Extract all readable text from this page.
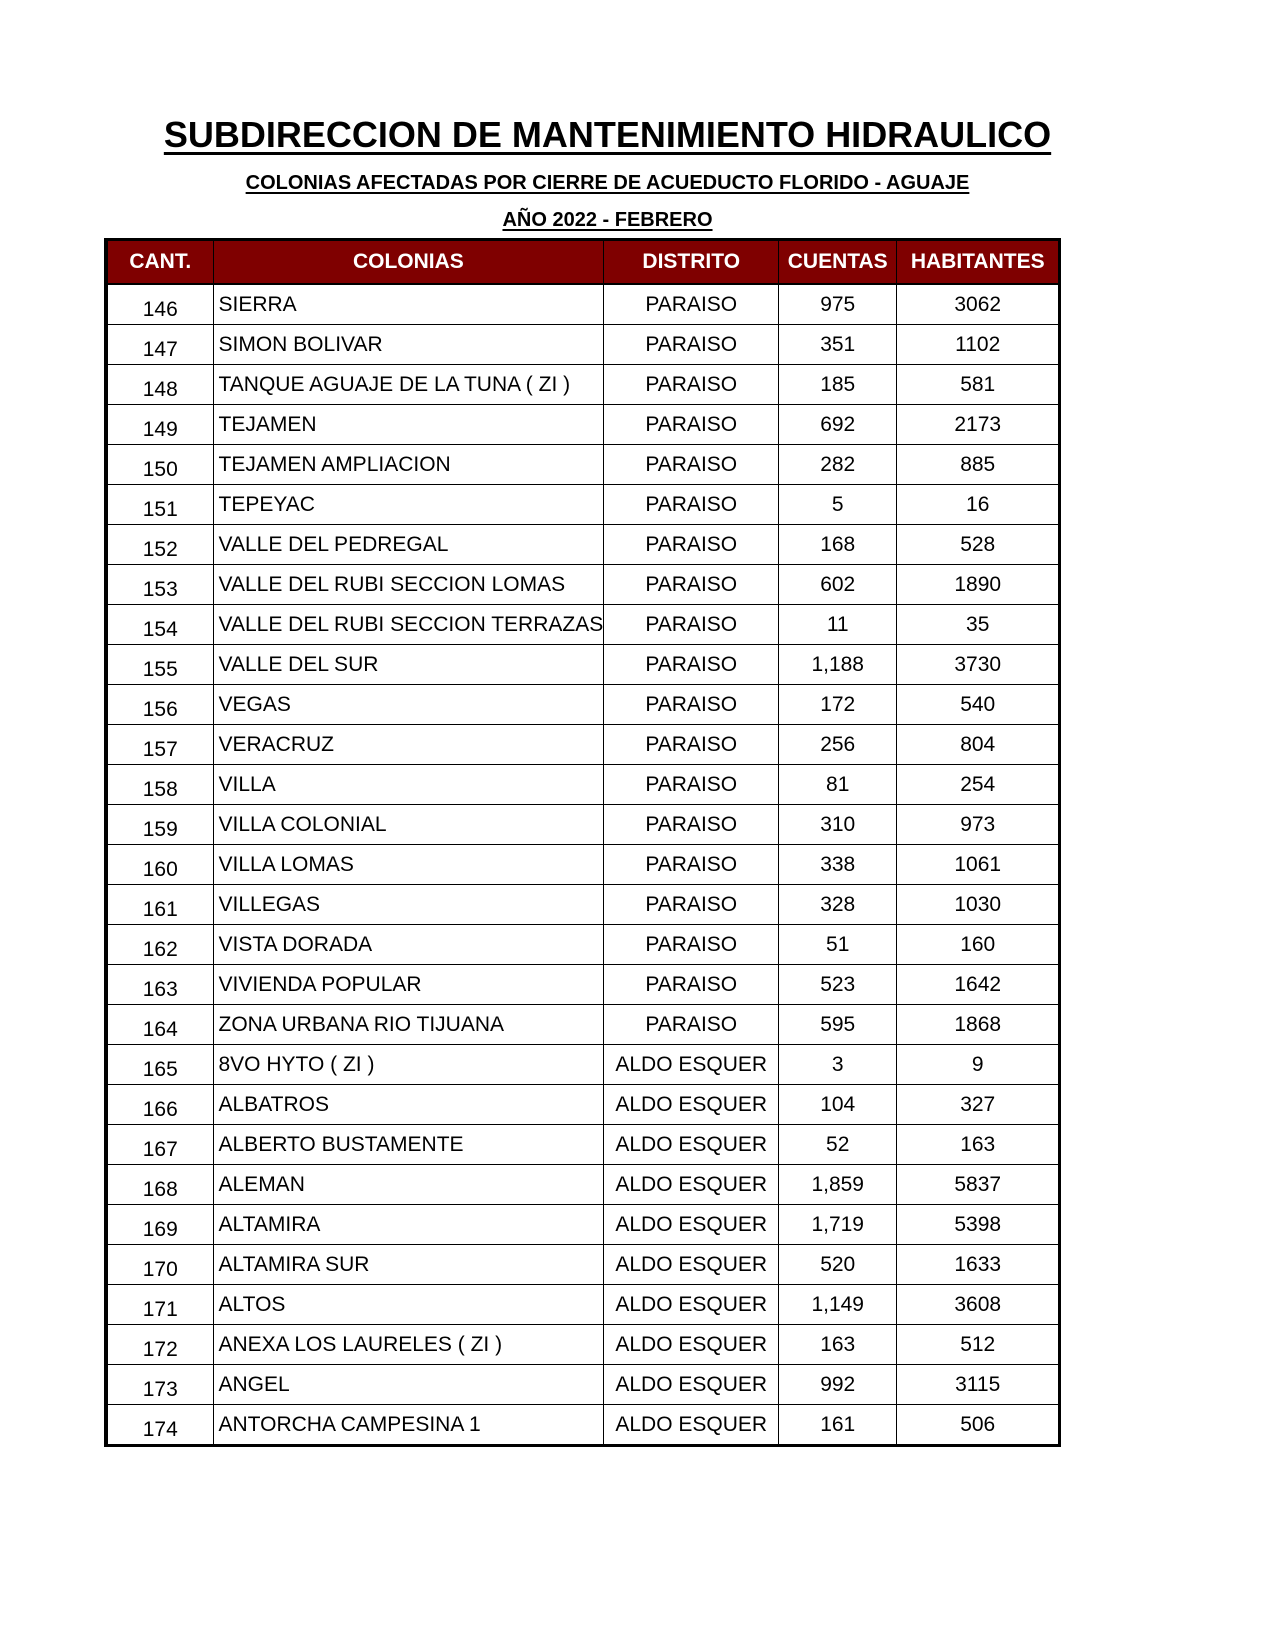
SUBDIRECCION DE MANTENIMIENTO HIDRAULICO
COLONIAS AFECTADAS POR CIERRE DE ACUEDUCTO FLORIDO - AGUAJE
AÑO 2022 - FEBRERO
CANT.	COLONIAS	DISTRITO	CUENTAS	HABITANTES
146	SIERRA	PARAISO	975	3062
147	SIMON BOLIVAR	PARAISO	351	1102
148	TANQUE AGUAJE DE LA TUNA ( ZI )	PARAISO	185	581
149	TEJAMEN	PARAISO	692	2173
150	TEJAMEN AMPLIACION	PARAISO	282	885
151	TEPEYAC	PARAISO	5	16
152	VALLE DEL PEDREGAL	PARAISO	168	528
153	VALLE DEL RUBI SECCION LOMAS	PARAISO	602	1890
154	VALLE DEL RUBI SECCION TERRAZAS	PARAISO	11	35
155	VALLE DEL SUR	PARAISO	1,188	3730
156	VEGAS	PARAISO	172	540
157	VERACRUZ	PARAISO	256	804
158	VILLA	PARAISO	81	254
159	VILLA COLONIAL	PARAISO	310	973
160	VILLA LOMAS	PARAISO	338	1061
161	VILLEGAS	PARAISO	328	1030
162	VISTA DORADA	PARAISO	51	160
163	VIVIENDA POPULAR	PARAISO	523	1642
164	ZONA URBANA RIO TIJUANA	PARAISO	595	1868
165	8VO HYTO ( ZI )	ALDO ESQUER	3	9
166	ALBATROS	ALDO ESQUER	104	327
167	ALBERTO BUSTAMENTE	ALDO ESQUER	52	163
168	ALEMAN	ALDO ESQUER	1,859	5837
169	ALTAMIRA	ALDO ESQUER	1,719	5398
170	ALTAMIRA SUR	ALDO ESQUER	520	1633
171	ALTOS	ALDO ESQUER	1,149	3608
172	ANEXA LOS LAURELES ( ZI )	ALDO ESQUER	163	512
173	ANGEL	ALDO ESQUER	992	3115
174	ANTORCHA CAMPESINA 1	ALDO ESQUER	161	506
